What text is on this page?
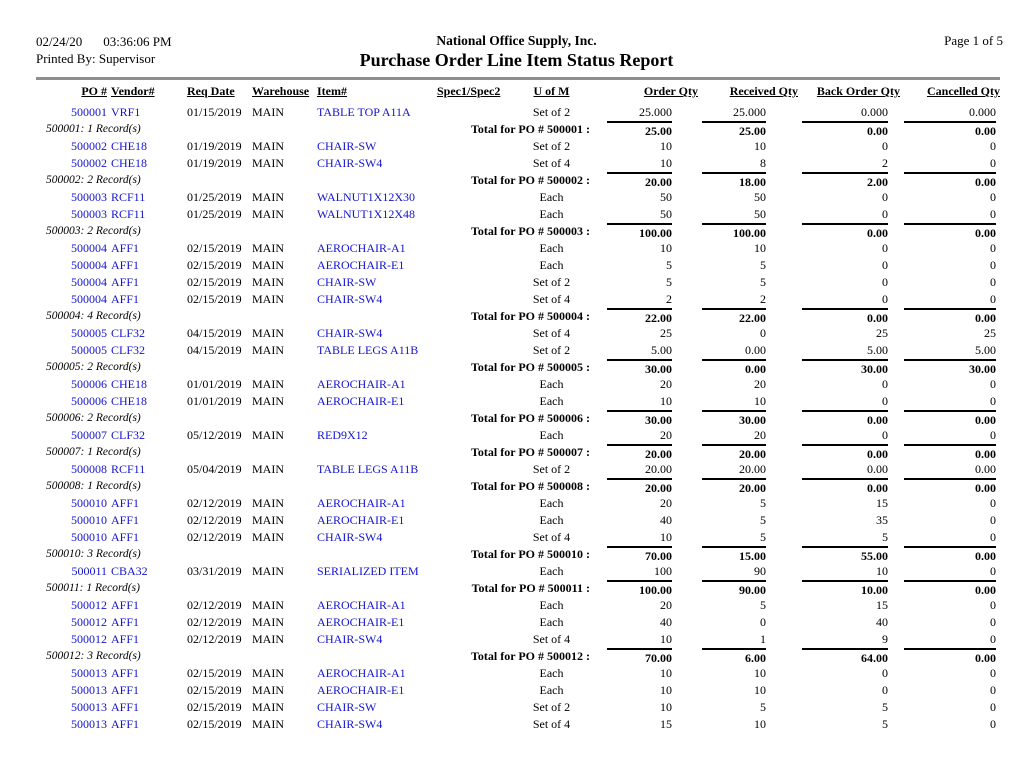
02/24/20 03:36:06 PM
Printed By: Supervisor
National Office Supply, Inc.
Purchase Order Line Item Status Report
Page 1 of 5
PO #	Vendor#	Req Date	Warehouse	Item#	Spec1/Spec2	U of M	Order Qty	Received Qty	Back Order Qty	Cancelled Qty
500001	VRF1	01/15/2019	MAIN	TABLE TOP A11A		Set of 2	25.000	25.000	0.000	0.000
500001: 1 Record(s)					Total for PO # 500001 :		25.00	25.00	0.00	0.00

500002	CHE18	01/19/2019	MAIN	CHAIR-SW		Set of 2	10	10	0	0
500002	CHE18	01/19/2019	MAIN	CHAIR-SW4		Set of 4	10	8	2	0
500002: 2 Record(s)					Total for PO # 500002 :		20.00	18.00	2.00	0.00

500003	RCF11	01/25/2019	MAIN	WALNUT1X12X30		Each	50	50	0	0
500003	RCF11	01/25/2019	MAIN	WALNUT1X12X48		Each	50	50	0	0
500003: 2 Record(s)					Total for PO # 500003 :		100.00	100.00	0.00	0.00

500004	AFF1	02/15/2019	MAIN	AEROCHAIR-A1		Each	10	10	0	0
500004	AFF1	02/15/2019	MAIN	AEROCHAIR-E1		Each	5	5	0	0
500004	AFF1	02/15/2019	MAIN	CHAIR-SW		Set of 2	5	5	0	0
500004	AFF1	02/15/2019	MAIN	CHAIR-SW4		Set of 4	2	2	0	0
500004: 4 Record(s)					Total for PO # 500004 :		22.00	22.00	0.00	0.00

500005	CLF32	04/15/2019	MAIN	CHAIR-SW4		Set of 4	25	0	25	25
500005	CLF32	04/15/2019	MAIN	TABLE LEGS A11B		Set of 2	5.00	0.00	5.00	5.00
500005: 2 Record(s)					Total for PO # 500005 :		30.00	0.00	30.00	30.00

500006	CHE18	01/01/2019	MAIN	AEROCHAIR-A1		Each	20	20	0	0
500006	CHE18	01/01/2019	MAIN	AEROCHAIR-E1		Each	10	10	0	0
500006: 2 Record(s)					Total for PO # 500006 :		30.00	30.00	0.00	0.00

500007	CLF32	05/12/2019	MAIN	RED9X12		Each	20	20	0	0
500007: 1 Record(s)					Total for PO # 500007 :		20.00	20.00	0.00	0.00

500008	RCF11	05/04/2019	MAIN	TABLE LEGS A11B		Set of 2	20.00	20.00	0.00	0.00
500008: 1 Record(s)					Total for PO # 500008 :		20.00	20.00	0.00	0.00

500010	AFF1	02/12/2019	MAIN	AEROCHAIR-A1		Each	20	5	15	0
500010	AFF1	02/12/2019	MAIN	AEROCHAIR-E1		Each	40	5	35	0
500010	AFF1	02/12/2019	MAIN	CHAIR-SW4		Set of 4	10	5	5	0
500010: 3 Record(s)					Total for PO # 500010 :		70.00	15.00	55.00	0.00

500011	CBA32	03/31/2019	MAIN	SERIALIZED ITEM		Each	100	90	10	0
500011: 1 Record(s)					Total for PO # 500011 :		100.00	90.00	10.00	0.00

500012	AFF1	02/12/2019	MAIN	AEROCHAIR-A1		Each	20	5	15	0
500012	AFF1	02/12/2019	MAIN	AEROCHAIR-E1		Each	40	0	40	0
500012	AFF1	02/12/2019	MAIN	CHAIR-SW4		Set of 4	10	1	9	0
500012: 3 Record(s)					Total for PO # 500012 :		70.00	6.00	64.00	0.00

500013	AFF1	02/15/2019	MAIN	AEROCHAIR-A1		Each	10	10	0	0
500013	AFF1	02/15/2019	MAIN	AEROCHAIR-E1		Each	10	10	0	0
500013	AFF1	02/15/2019	MAIN	CHAIR-SW		Set of 2	10	5	5	0
500013	AFF1	02/15/2019	MAIN	CHAIR-SW4		Set of 4	15	10	5	0
